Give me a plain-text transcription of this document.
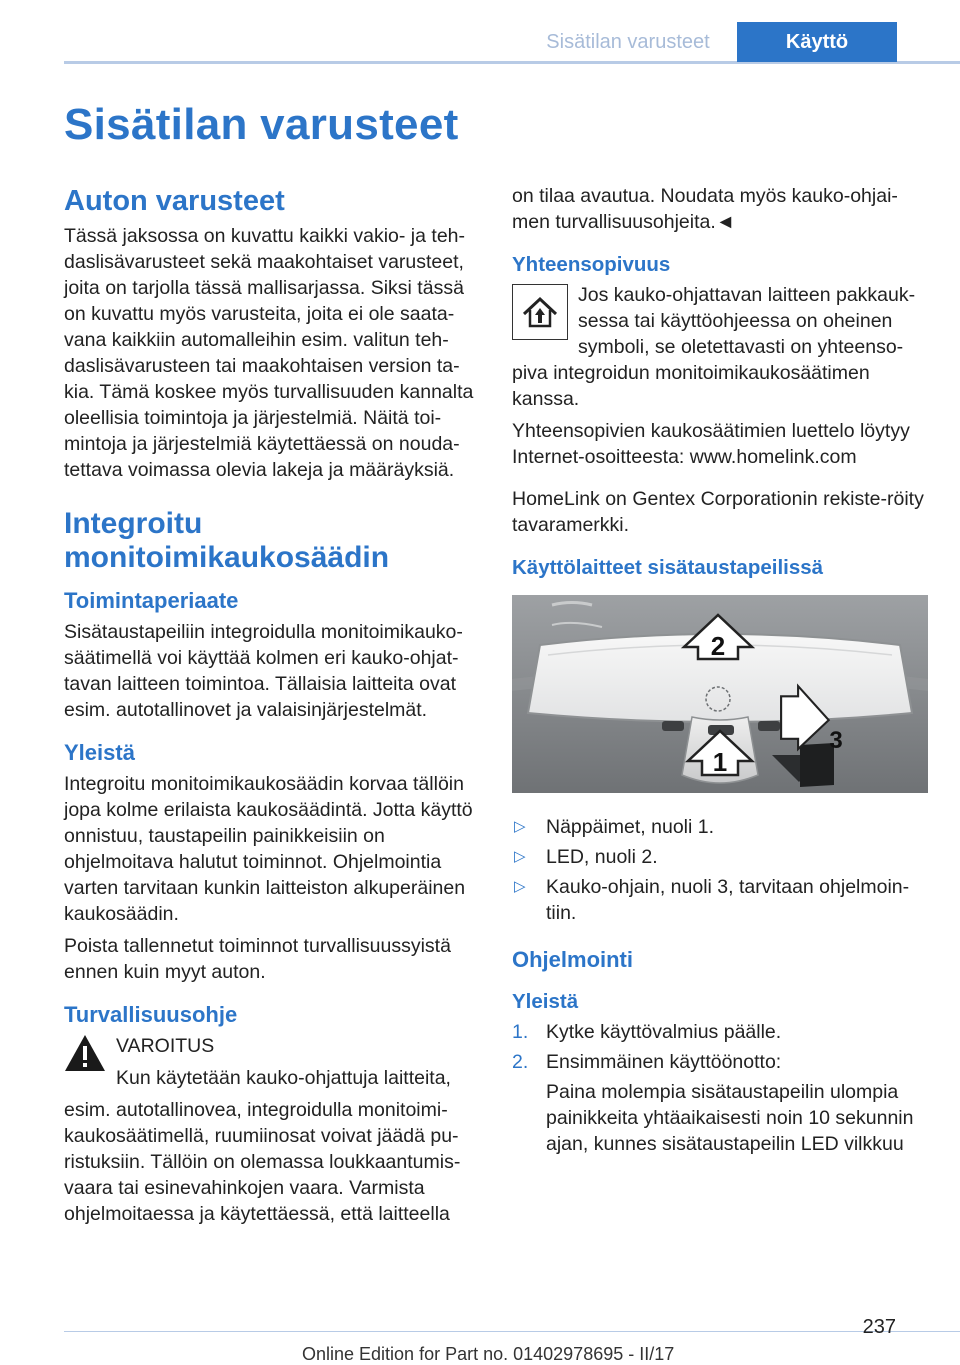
Sisätilan varusteet	Käyttö
Sisätilan varusteet
Auton varusteet

Tässä jaksossa on kuvattu kaikki vakio- ja teh-daslisävarusteet sekä maakohtaiset varusteet, joita on tarjolla tässä mallisarjassa. Siksi tässä on kuvattu myös varusteita, joita ei ole saata-vana kaikkiin automalleihin esim. valitun teh-daslisävarusteen tai maakohtaisen version ta-kia. Tämä koskee myös turvallisuuden kannalta oleellisia toimintoja ja järjestelmiä. Näitä toi-mintoja ja järjestelmiä käytettäessä on nouda-tettava voimassa olevia lakeja ja määräyksiä.

Integroitu monitoimikaukosäädin
Toimintaperiaate

Sisätaustapeiliin integroidulla monitoimikauko-säätimellä voi käyttää kolmen eri kauko-ohjat-tavan laitteen toimintoa. Tällaisia laitteita ovat esim. autotallinovet ja valaisinjärjestelmät.

Yleistä

Integroitu monitoimikaukosäädin korvaa tällöin jopa kolme erilaista kaukosäädintä. Jotta käyttö onnistuu, taustapeilin painikkeisiin on ohjelmoitava halutut toiminnot. Ohjelmointia varten tarvitaan kunkin laitteiston alkuperäinen kaukosäädin.

Poista tallennetut toiminnot turvallisuussyistä ennen kuin myyt auton.

Turvallisuusohje

VAROITUS

Kun käytetään kauko-ohjattuja laitteita,

esim. autotallinovea, integroidulla monitoimi-kaukosäätimellä, ruumiinosat voivat jäädä pu-ristuksiin. Tällöin on olemassa loukkaantumis-vaara tai esinevahinkojen vaara. Varmista ohjelmoitaessa ja käytettäessä, että laitteella

on tilaa avautua. Noudata myös kauko-ohjai-men turvallisuusohjeita.◄

Yhteensopivuus

Jos kauko-ohjattavan laitteen pakkauk-sessa tai käyttöohjeessa on oheinen symboli, se oletettavasti on yhteenso-piva integroidun monitoimikaukosäätimen kanssa.

Yhteensopivien kaukosäätimien luettelo löytyy Internet-osoitteesta: www.homelink.com

HomeLink on Gentex Corporationin rekiste-röity tavaramerkki.

Käyttölaitteet sisätaustapeilissä
2
1
3
▷ Näppäimet, nuoli 1.
▷ LED, nuoli 2.
▷ Kauko-ohjain, nuoli 3, tarvitaan ohjelmoin-tiin.
Ohjelmointi
Yleistä
1. Kytke käyttövalmius päälle.
2. Ensimmäinen käyttöönotto:

Paina molempia sisätaustapeilin ulompia painikkeita yhtäaikaisesti noin 10 sekunnin ajan, kunnes sisätaustapeilin LED vilkkuu

237
Online Edition for Part no. 01402978695 - II/17
